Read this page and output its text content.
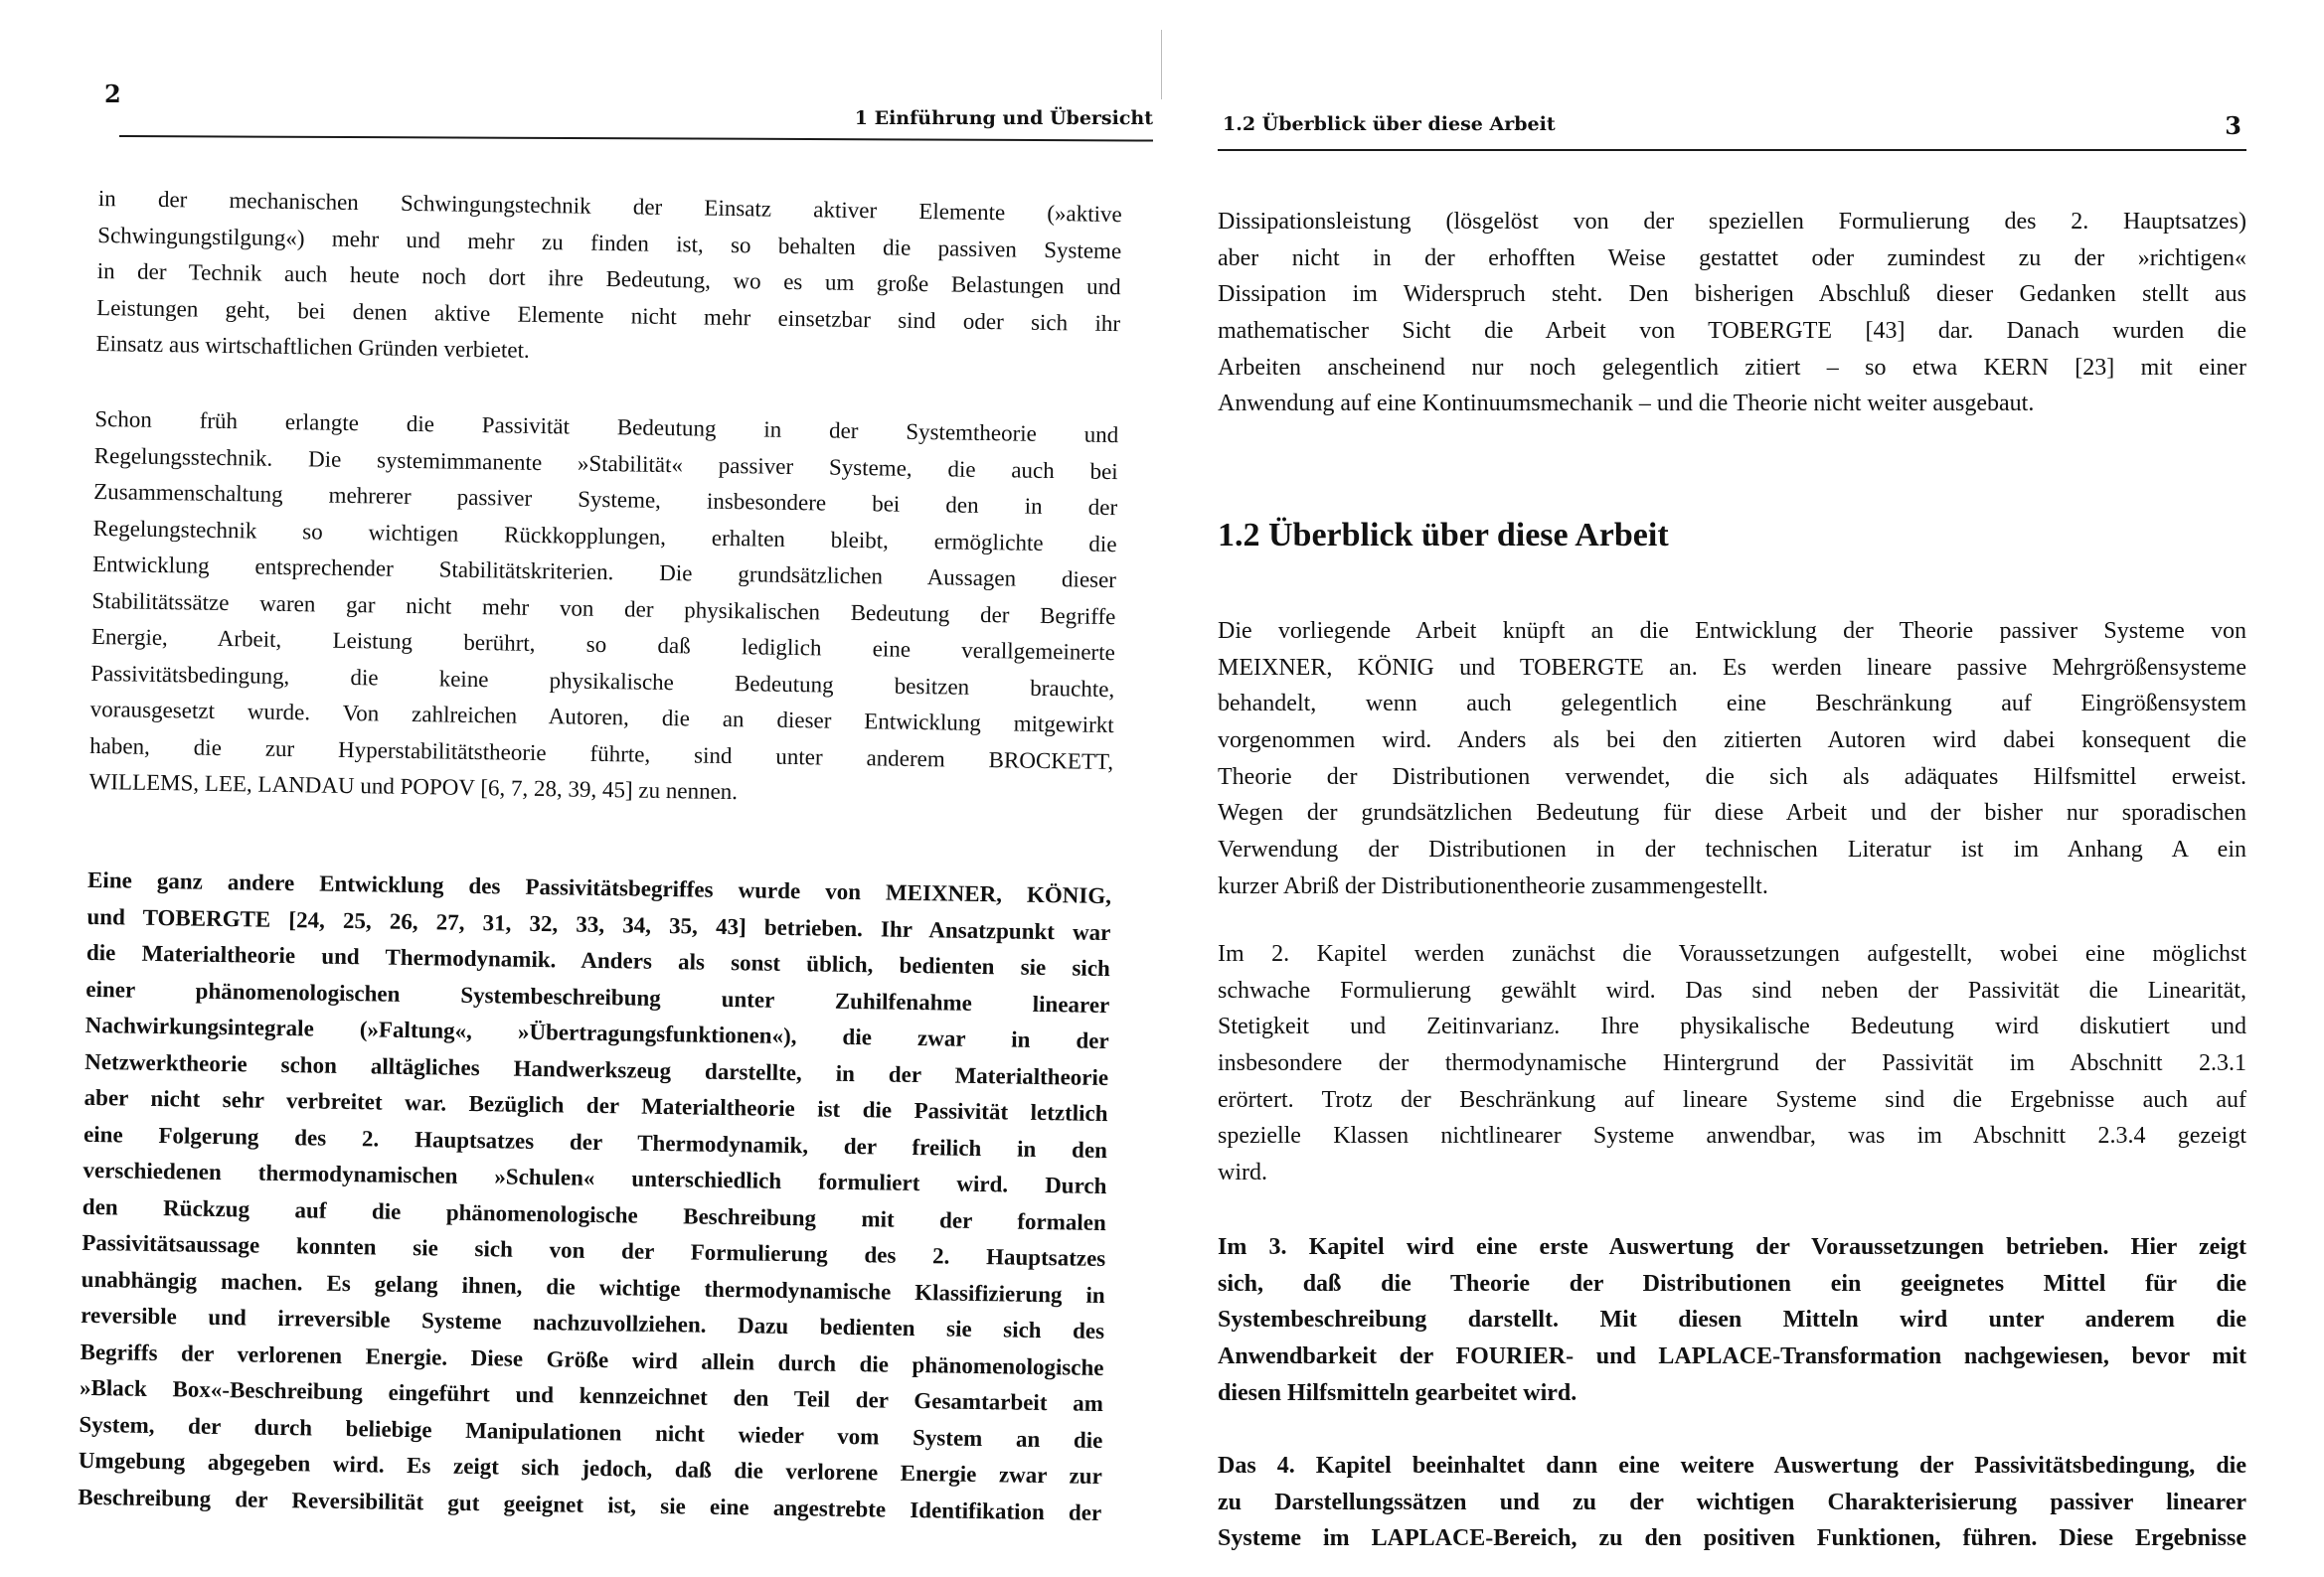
2
1 Einführung und Übersicht
in der mechanischen Schwingungstechnik der Einsatz aktiver Elemente (»aktive
Schwingungstilgung«) mehr und mehr zu finden ist, so behalten die passiven Systeme
in der Technik auch heute noch dort ihre Bedeutung, wo es um große Belastungen und
Leistungen geht, bei denen aktive Elemente nicht mehr einsetzbar sind oder sich ihr
Einsatz aus wirtschaftlichen Gründen verbietet.
Schon früh erlangte die Passivität Bedeutung in der Systemtheorie und
Regelungsstechnik. Die systemimmanente »Stabilität« passiver Systeme, die auch bei
Zusammenschaltung mehrerer passiver Systeme, insbesondere bei den in der
Regelungstechnik so wichtigen Rückkopplungen, erhalten bleibt, ermöglichte die
Entwicklung entsprechender Stabilitätskriterien. Die grundsätzlichen Aussagen dieser
Stabilitätssätze waren gar nicht mehr von der physikalischen Bedeutung der Begriffe
Energie, Arbeit, Leistung berührt, so daß lediglich eine verallgemeinerte
Passivitätsbedingung, die keine physikalische Bedeutung besitzen brauchte,
vorausgesetzt wurde. Von zahlreichen Autoren, die an dieser Entwicklung mitgewirkt
haben, die zur Hyperstabilitätstheorie führte, sind unter anderem BROCKETT,
WILLEMS, LEE, LANDAU und POPOV [6, 7, 28, 39, 45] zu nennen.
Eine ganz andere Entwicklung des Passivitätsbegriffes wurde von MEIXNER, KÖNIG,
und TOBERGTE [24, 25, 26, 27, 31, 32, 33, 34, 35, 43] betrieben. Ihr Ansatzpunkt war
die Materialtheorie und Thermodynamik. Anders als sonst üblich, bedienten sie sich
einer phänomenologischen Systembeschreibung unter Zuhilfenahme linearer
Nachwirkungsintegrale (»Faltung«, »Übertragungsfunktionen«), die zwar in der
Netzwerktheorie schon alltägliches Handwerkszeug darstellte, in der Materialtheorie
aber nicht sehr verbreitet war. Bezüglich der Materialtheorie ist die Passivität letztlich
eine Folgerung des 2. Hauptsatzes der Thermodynamik, der freilich in den
verschiedenen thermodynamischen »Schulen« unterschiedlich formuliert wird. Durch
den Rückzug auf die phänomenologische Beschreibung mit der formalen
Passivitätsaussage konnten sie sich von der Formulierung des 2. Hauptsatzes
unabhängig machen. Es gelang ihnen, die wichtige thermodynamische Klassifizierung in
reversible und irreversible Systeme nachzuvollziehen. Dazu bedienten sie sich des
Begriffs der verlorenen Energie. Diese Größe wird allein durch die phänomenologische
»Black Box«-Beschreibung eingeführt und kennzeichnet den Teil der Gesamtarbeit am
System, der durch beliebige Manipulationen nicht wieder vom System an die
Umgebung abgegeben wird. Es zeigt sich jedoch, daß die verlorene Energie zwar zur
Beschreibung der Reversibilität gut geeignet ist, sie eine angestrebte Identifikation der
1.2 Überblick über diese Arbeit	3
Dissipationsleistung (lösgelöst von der speziellen Formulierung des 2. Hauptsatzes)
aber nicht in der erhofften Weise gestattet oder zumindest zu der »richtigen«
Dissipation im Widerspruch steht. Den bisherigen Abschluß dieser Gedanken stellt aus
mathematischer Sicht die Arbeit von TOBERGTE [43] dar. Danach wurden die
Arbeiten anscheinend nur noch gelegentlich zitiert – so etwa KERN [23] mit einer
Anwendung auf eine Kontinuumsmechanik – und die Theorie nicht weiter ausgebaut.
1.2 Überblick über diese Arbeit
Die vorliegende Arbeit knüpft an die Entwicklung der Theorie passiver Systeme von
MEIXNER, KÖNIG und TOBERGTE an. Es werden lineare passive Mehrgrößensysteme
behandelt, wenn auch gelegentlich eine Beschränkung auf Eingrößensystem
vorgenommen wird. Anders als bei den zitierten Autoren wird dabei konsequent die
Theorie der Distributionen verwendet, die sich als adäquates Hilfsmittel erweist.
Wegen der grundsätzlichen Bedeutung für diese Arbeit und der bisher nur sporadischen
Verwendung der Distributionen in der technischen Literatur ist im Anhang A ein
kurzer Abriß der Distributionentheorie zusammengestellt.
Im 2. Kapitel werden zunächst die Voraussetzungen aufgestellt, wobei eine möglichst
schwache Formulierung gewählt wird. Das sind neben der Passivität die Linearität,
Stetigkeit und Zeitinvarianz. Ihre physikalische Bedeutung wird diskutiert und
insbesondere der thermodynamische Hintergrund der Passivität im Abschnitt 2.3.1
erörtert. Trotz der Beschränkung auf lineare Systeme sind die Ergebnisse auch auf
spezielle Klassen nichtlinearer Systeme anwendbar, was im Abschnitt 2.3.4 gezeigt
wird.
Im 3. Kapitel wird eine erste Auswertung der Voraussetzungen betrieben. Hier zeigt
sich, daß die Theorie der Distributionen ein geeignetes Mittel für die
Systembeschreibung darstellt. Mit diesen Mitteln wird unter anderem die
Anwendbarkeit der FOURIER- und LAPLACE-Transformation nachgewiesen, bevor mit
diesen Hilfsmitteln gearbeitet wird.
Das 4. Kapitel beeinhaltet dann eine weitere Auswertung der Passivitätsbedingung, die
zu Darstellungssätzen und zu der wichtigen Charakterisierung passiver linearer
Systeme im LAPLACE-Bereich, zu den positiven Funktionen, führen. Diese Ergebnisse
